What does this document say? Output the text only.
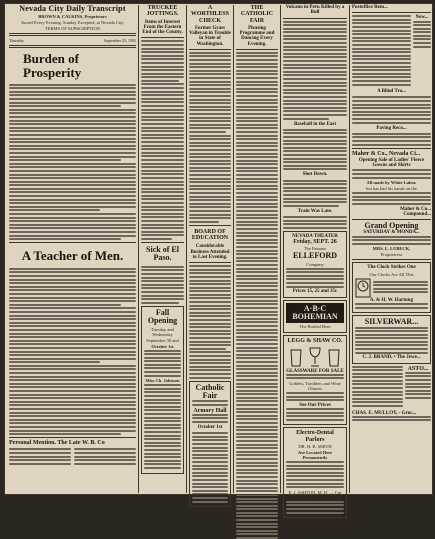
Nevada City Daily Transcript
BROWN & CALKINS, Proprietors
Issued Every Evening, Sunday Excepted, at Nevada City
TERMS OF SUBSCRIPTION
Thursday	September 25, 1902
Burden of Prosperity
A Teacher of Men.
Personal Mention. The Late W. B. Co
TRUCKEE JOTTINGS.
Items of Interest From the Eastern End of the County.
Sick of El Paso.
Fall Opening
Tuesday and Wednesday
September 30 and
October 1st
Miss Ch. Johnson
A WORTHLESS CHECK
Former Grass Valleyan in Trouble in State of Washington.
BOARD OF EDUCATION
Considerable Business Attended to Last Evening.
Catholic Fair
Armory Hall
October 1st
THE CATHOLIC FAIR
Pleasing Programme and Dancing Every Evening.
Volcano in Peru Killed by a Bull
Baseball in the East
Shot Down.
Train Was Late.
NEVADA THEATER
Friday, SEPT. 26
The Famous
ELLEFORD
Company
Prices 15, 25 and 35c
A·B·C BOHEMIAN
The Bottled Beer
LEGG & SHAW CO.
GLASSWARE FOR SALE
Goblets, Tumblers and Wine Glasses
See Our Prices
Electro-Dental Parlors
DR. H. B. SMITH
Are Located Here Permanently
E. J. ASHTON, M. D. — Cut Rate
Postoffice Rem...
New...
A Blind Tra...
Paving Reco...
Maher & Co., Nevada Ci...
Opening Sale of Ladies' Fleece Gowns and Skirts
All made by White Labor.
but has had his hands on the
Maher & Co...
Compound...
Grand Opening
SATURDAY & MONDA...
MRS. L. LUBECK,
Proprietress
The Clock Strikes One
Our Clocks Are All This
A. & H. W. Hartung
SILVERWAR...
C. J. BRAND, • The Jewe...
ASTO...
CHAS. E. MULLOY, - Groc...
